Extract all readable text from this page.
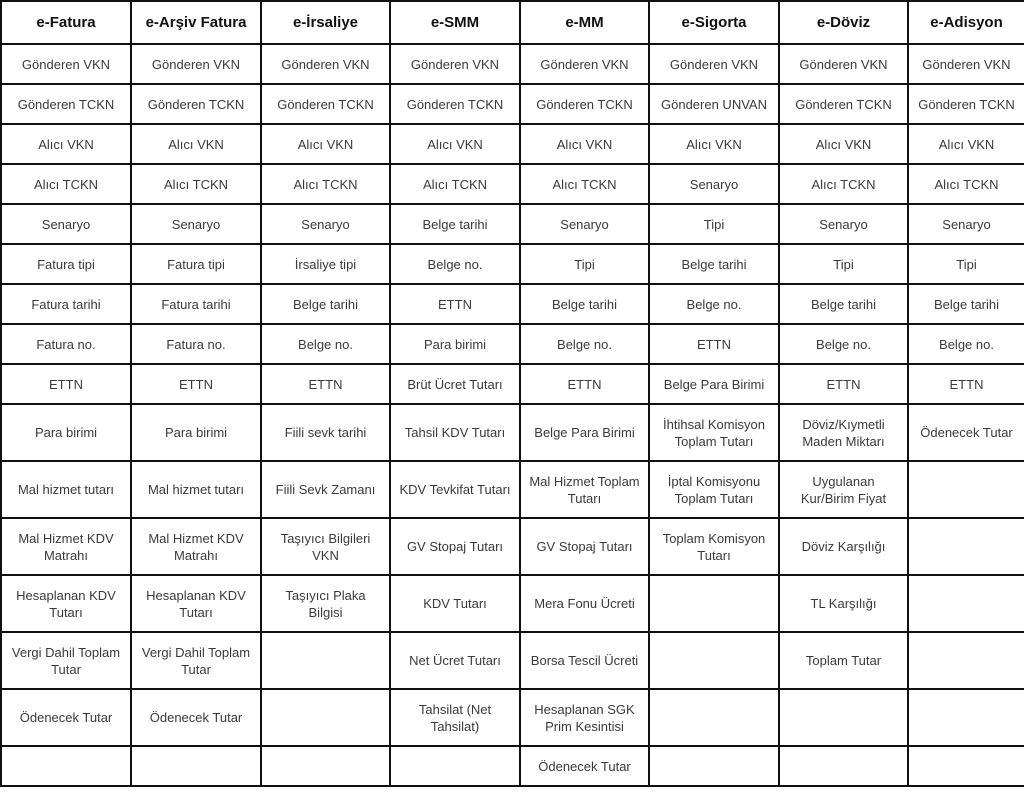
e-Fatura	e-Arşiv Fatura	e-İrsaliye	e-SMM	e-MM	e-Sigorta	e-Döviz	e-Adisyon
Gönderen VKN	Gönderen VKN	Gönderen VKN	Gönderen VKN	Gönderen VKN	Gönderen VKN	Gönderen VKN	Gönderen VKN
Gönderen TCKN	Gönderen TCKN	Gönderen TCKN	Gönderen TCKN	Gönderen TCKN	Gönderen UNVAN	Gönderen TCKN	Gönderen TCKN
Alıcı VKN	Alıcı VKN	Alıcı VKN	Alıcı VKN	Alıcı VKN	Alıcı VKN	Alıcı VKN	Alıcı VKN
Alıcı TCKN	Alıcı TCKN	Alıcı TCKN	Alıcı TCKN	Alıcı TCKN	Senaryo	Alıcı TCKN	Alıcı TCKN
Senaryo	Senaryo	Senaryo	Belge tarihi	Senaryo	Tipi	Senaryo	Senaryo
Fatura tipi	Fatura tipi	İrsaliye tipi	Belge no.	Tipi	Belge tarihi	Tipi	Tipi
Fatura tarihi	Fatura tarihi	Belge tarihi	ETTN	Belge tarihi	Belge no.	Belge tarihi	Belge tarihi
Fatura no.	Fatura no.	Belge no.	Para birimi	Belge no.	ETTN	Belge no.	Belge no.
ETTN	ETTN	ETTN	Brüt Ücret Tutarı	ETTN	Belge Para Birimi	ETTN	ETTN
Para birimi	Para birimi	Fiili sevk tarihi	Tahsil KDV Tutarı	Belge Para Birimi	İhtihsal Komisyon Toplam Tutarı	Döviz/Kıymetli Maden Miktarı	Ödenecek Tutar
Mal hizmet tutarı	Mal hizmet tutarı	Fiili Sevk Zamanı	KDV Tevkifat Tutarı	Mal Hizmet Toplam Tutarı	İptal Komisyonu Toplam Tutarı	Uygulanan Kur/Birim Fiyat	
Mal Hizmet KDV Matrahı	Mal Hizmet KDV Matrahı	Taşıyıcı Bilgileri VKN	GV Stopaj Tutarı	GV Stopaj Tutarı	Toplam Komisyon Tutarı	Döviz Karşılığı	
Hesaplanan KDV Tutarı	Hesaplanan KDV Tutarı	Taşıyıcı Plaka Bilgisi	KDV Tutarı	Mera Fonu Ücreti		TL Karşılığı	
Vergi Dahil Toplam Tutar	Vergi Dahil Toplam Tutar		Net Ücret Tutarı	Borsa Tescil Ücreti		Toplam Tutar	
Ödenecek Tutar	Ödenecek Tutar		Tahsilat (Net Tahsilat)	Hesaplanan SGK Prim Kesintisi			
				Ödenecek Tutar			
